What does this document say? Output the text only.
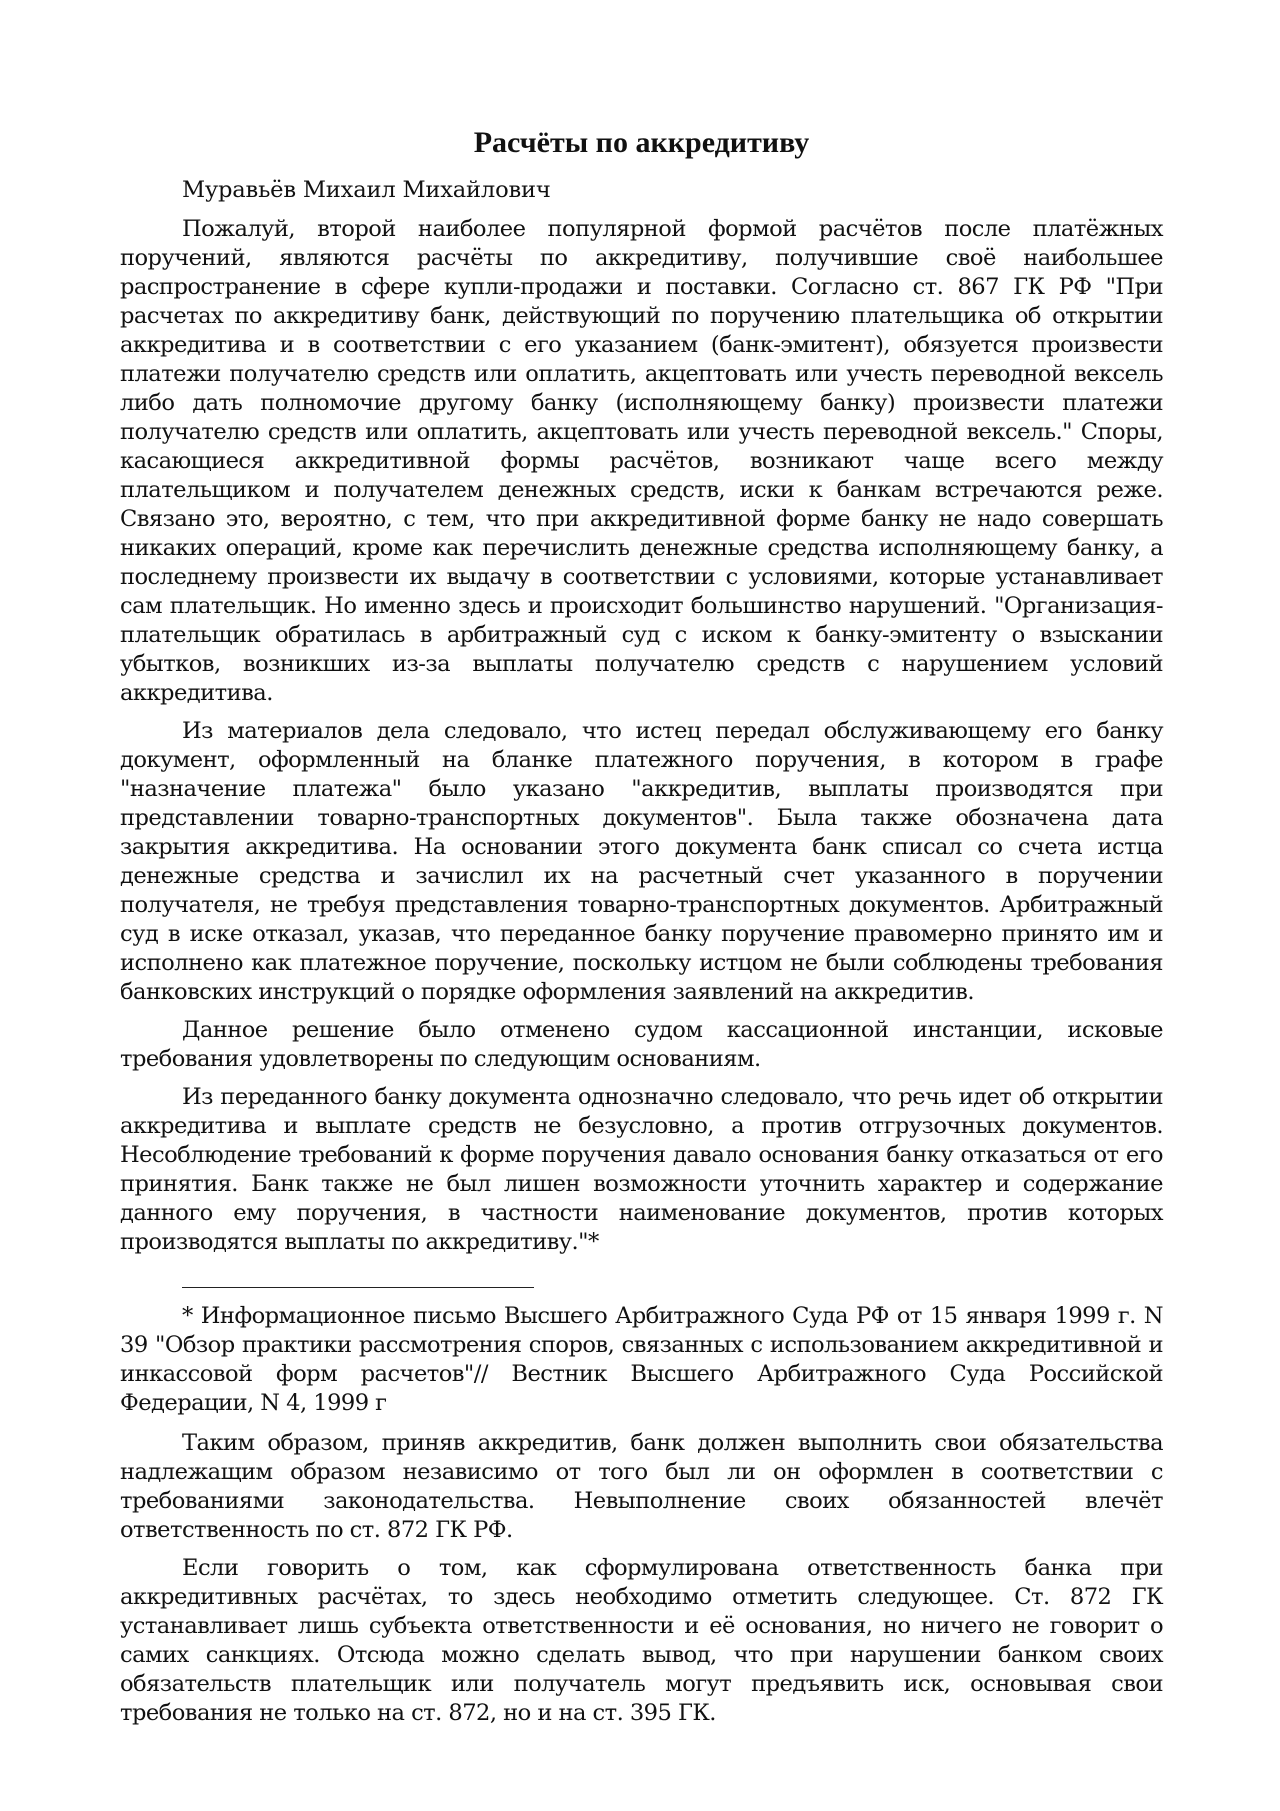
Расчёты по аккредитиву

Муравьёв Михаил Михайлович

Пожалуй, второй наиболее популярной формой расчётов после платёжных поручений, являются расчёты по аккредитиву, получившие своё наибольшее распространение в сфере купли-продажи и поставки. Согласно ст. 867 ГК РФ "При расчетах по аккредитиву банк, действующий по поручению плательщика об открытии аккредитива и в соответствии с его указанием (банк-эмитент), обязуется произвести платежи получателю средств или оплатить, акцептовать или учесть переводной вексель либо дать полномочие другому банку (исполняющему банку) произвести платежи получателю средств или оплатить, акцептовать или учесть переводной вексель." Споры, касающиеся аккредитивной формы расчётов, возникают чаще всего между плательщиком и получателем денежных средств, иски к банкам встречаются реже. Связано это, вероятно, с тем, что при аккредитивной форме банку не надо совершать никаких операций, кроме как перечислить денежные средства исполняющему банку, а последнему произвести их выдачу в соответствии с условиями, которые устанавливает сам плательщик. Но именно здесь и происходит большинство нарушений. "Организация-плательщик обратилась в арбитражный суд с иском к банку-эмитенту о взыскании убытков, возникших из-за выплаты получателю средств с нарушением условий аккредитива.

Из материалов дела следовало, что истец передал обслуживающему его банку документ, оформленный на бланке платежного поручения, в котором в графе "назначение платежа" было указано "аккредитив, выплаты производятся при представлении товарно-транспортных документов". Была также обозначена дата закрытия аккредитива. На основании этого документа банк списал со счета истца денежные средства и зачислил их на расчетный счет указанного в поручении получателя, не требуя представления товарно-транспортных документов. Арбитражный суд в иске отказал, указав, что переданное банку поручение правомерно принято им и исполнено как платежное поручение, поскольку истцом не были соблюдены требования банковских инструкций о порядке оформления заявлений на аккредитив.

Данное решение было отменено судом кассационной инстанции, исковые требования удовлетворены по следующим основаниям.

Из переданного банку документа однозначно следовало, что речь идет об открытии аккредитива и выплате средств не безусловно, а против отгрузочных документов. Несоблюдение требований к форме поручения давало основания банку отказаться от его принятия. Банк также не был лишен возможности уточнить характер и содержание данного ему поручения, в частности наименование документов, против которых производятся выплаты по аккредитиву."*

* Информационное письмо Высшего Арбитражного Суда РФ от 15 января 1999 г. N 39 "Обзор практики рассмотрения споров, связанных с использованием аккредитивной и инкассовой форм расчетов"// Вестник Высшего Арбитражного Суда Российской Федерации, N 4, 1999 г

Таким образом, приняв аккредитив, банк должен выполнить свои обязательства надлежащим образом независимо от того был ли он оформлен в соответствии с требованиями законодательства. Невыполнение своих обязанностей влечёт ответственность по ст. 872 ГК РФ.

Если говорить о том, как сформулирована ответственность банка при аккредитивных расчётах, то здесь необходимо отметить следующее. Ст. 872 ГК устанавливает лишь субъекта ответственности и её основания, но ничего не говорит о самих санкциях. Отсюда можно сделать вывод, что при нарушении банком своих обязательств плательщик или получатель могут предъявить иск, основывая свои требования не только на ст. 872, но и на ст. 395 ГК.
